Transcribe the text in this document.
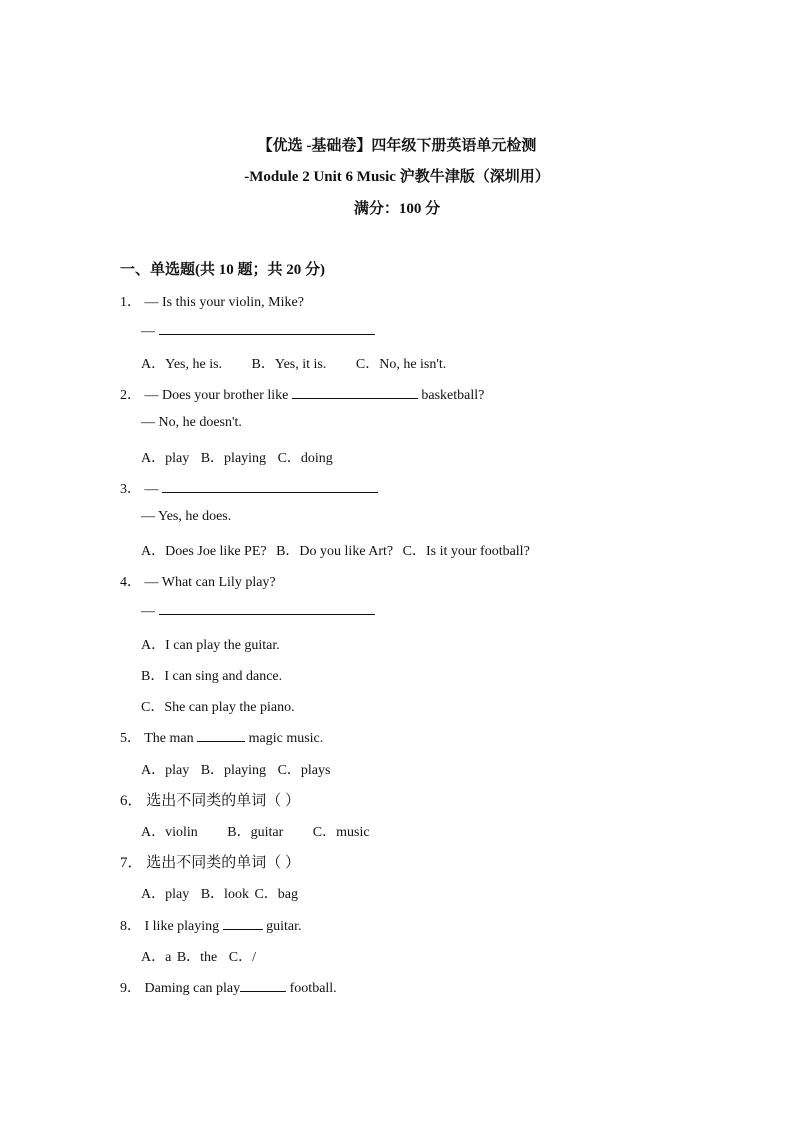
【优选 -基础卷】四年级下册英语单元检测
-Module 2 Unit 6 Music 沪教牛津版（深圳用）
满分：100 分
一、单选题(共 10 题；共 20 分)
1． — Is this your violin, Mike?
—
A．Yes, he is. B．Yes, it is. C．No, he isn't.
2． — Does your brother like	basketball?
— No, he doesn't.
A．play B．playing C．doing
3． —
— Yes, he does.
A．Does Joe like PE? B．Do you like Art? C．Is it your football?
4． — What can Lily play?
—
A．I can play the guitar.
B．I can sing and dance.
C．She can play the piano.
5． The man	magic music.
A．play B．playing C．plays
6． 选出不同类的单词（ ）
A．violin B．guitar C．music
7． 选出不同类的单词（ ）
A．play B．look C．bag
8． I like playing	guitar.
A．a B．the C．/
9． Daming can play	football.
